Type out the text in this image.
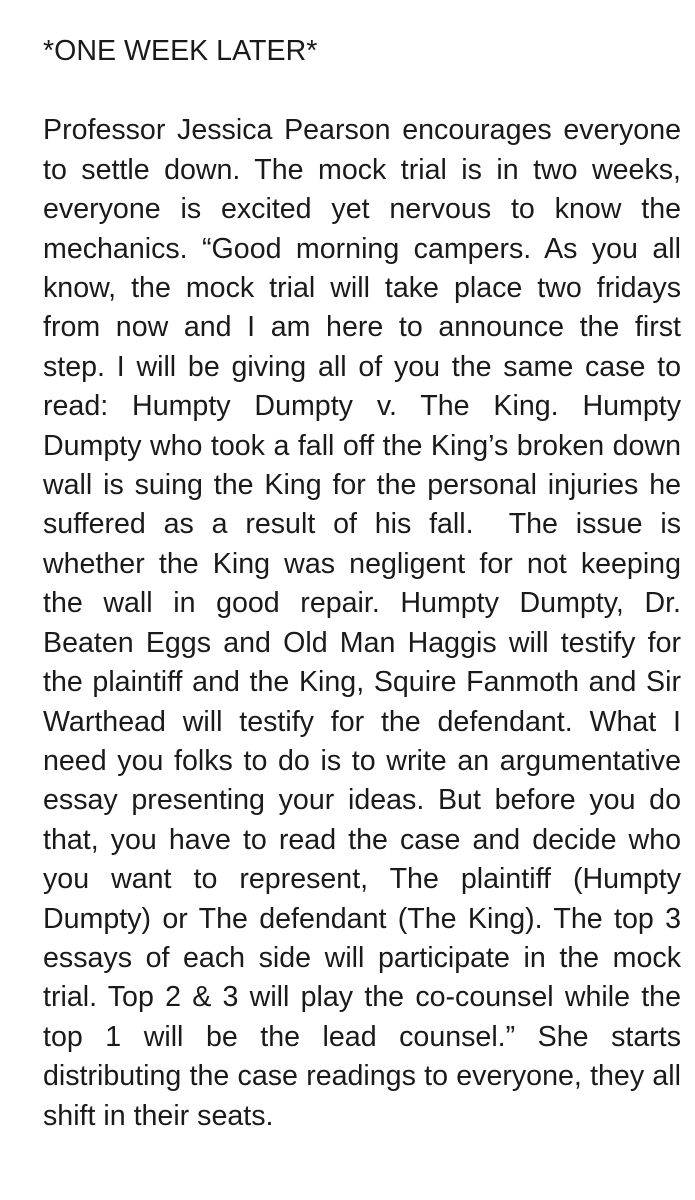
*ONE WEEK LATER*

Professor Jessica Pearson encourages everyone to settle down. The mock trial is in two weeks, everyone is excited yet nervous to know the mechanics. “Good morning campers. As you all know, the mock trial will take place two fridays from now and I am here to announce the first step. I will be giving all of you the same case to read: Humpty Dumpty v. The King. Humpty Dumpty who took a fall off the King’s broken down wall is suing the King for the personal injuries he suffered as a result of his fall.  The issue is whether the King was negligent for not keeping the wall in good repair. Humpty Dumpty, Dr. Beaten Eggs and Old Man Haggis will testify for the plaintiff and the King, Squire Fanmoth and Sir Warthead will testify for the defendant. What I need you folks to do is to write an argumentative essay presenting your ideas. But before you do that, you have to read the case and decide who you want to represent, The plaintiff (Humpty Dumpty) or The defendant (The King). The top 3 essays of each side will participate in the mock trial. Top 2 & 3 will play the co-counsel while the top 1 will be the lead counsel.” She starts distributing the case readings to everyone, they all shift in their seats.
